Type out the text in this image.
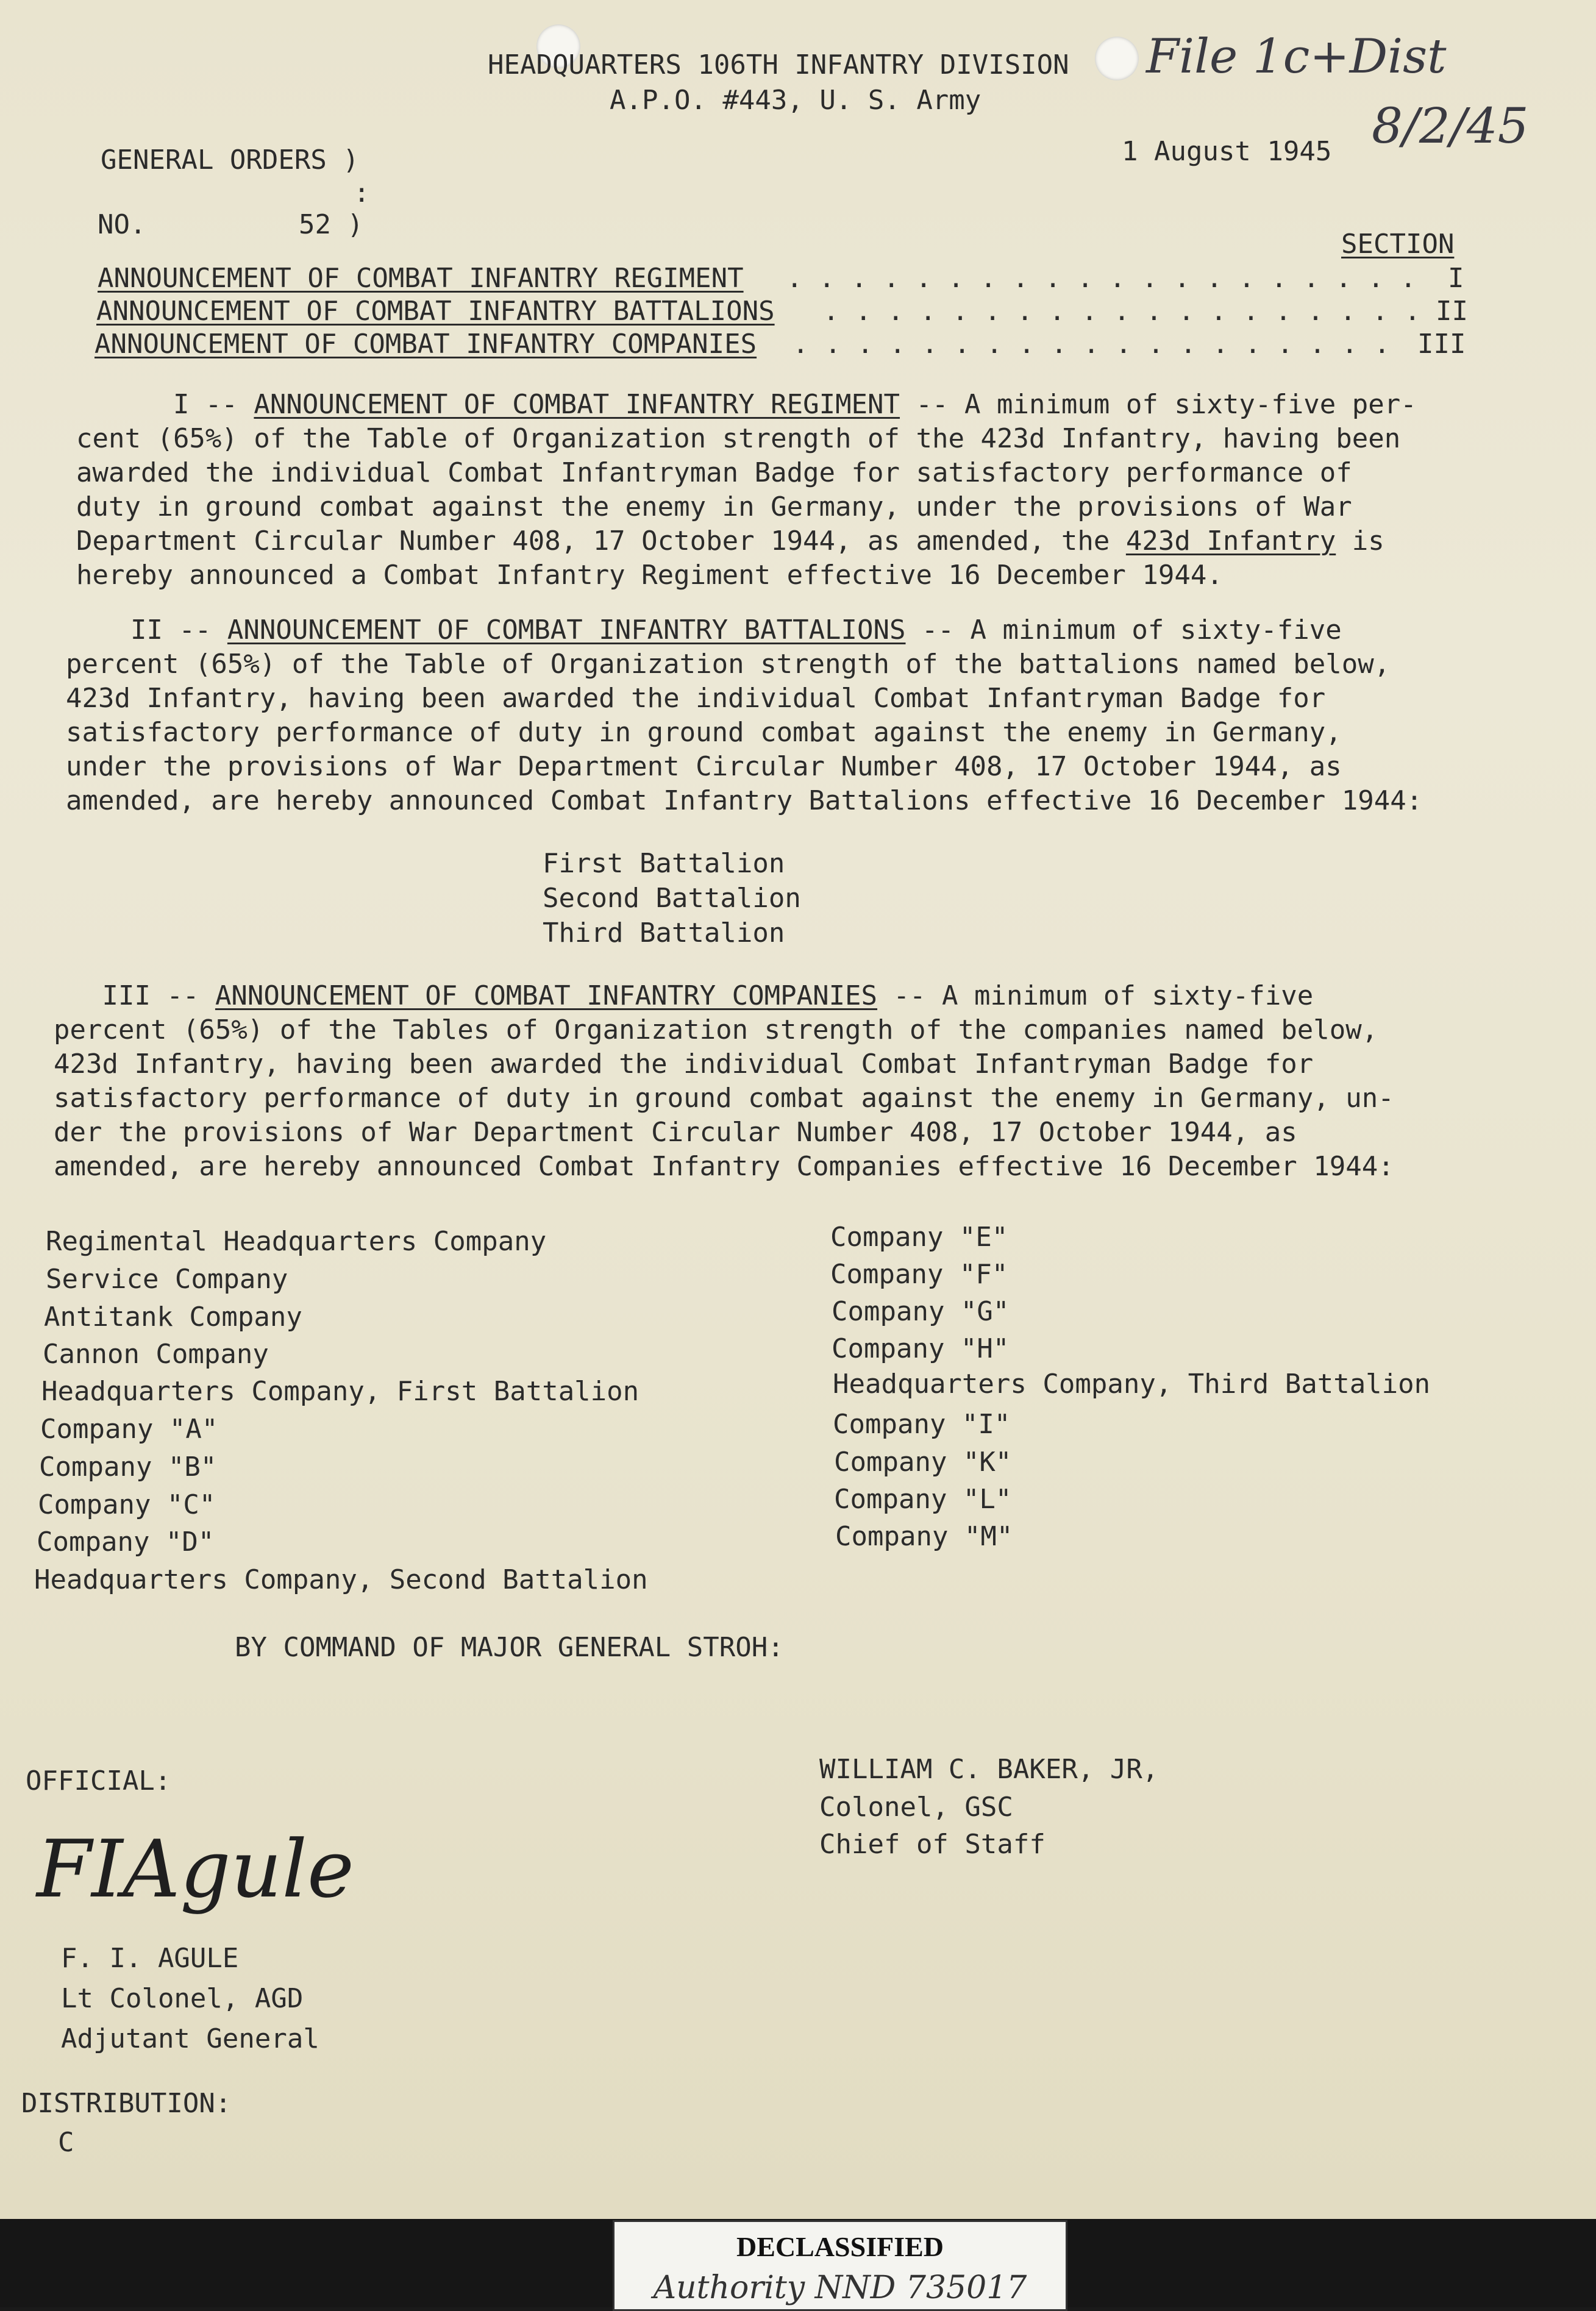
HEADQUARTERS 106TH INFANTRY DIVISION
A.P.O. #443, U. S. Army
File 1c+Dist
8/2/45
GENERAL ORDERS )
:
NO.	52 )
1 August 1945
SECTION
ANNOUNCEMENT OF COMBAT INFANTRY REGIMENT . . . . . . . . . . . . . . . . . . . . I
ANNOUNCEMENT OF COMBAT INFANTRY BATTALIONS . . . . . . . . . . . . . . . . . . . II
ANNOUNCEMENT OF COMBAT INFANTRY COMPANIES . . . . . . . . . . . . . . . . . . . III
I -- ANNOUNCEMENT OF COMBAT INFANTRY REGIMENT -- A minimum of sixty-five per-
cent (65%) of the Table of Organization strength of the 423d Infantry, having been
awarded the individual Combat Infantryman Badge for satisfactory performance of
duty in ground combat against the enemy in Germany, under the provisions of War
Department Circular Number 408, 17 October 1944, as amended, the 423d Infantry is
hereby announced a Combat Infantry Regiment effective 16 December 1944.
II -- ANNOUNCEMENT OF COMBAT INFANTRY BATTALIONS -- A minimum of sixty-five
percent (65%) of the Table of Organization strength of the battalions named below,
423d Infantry, having been awarded the individual Combat Infantryman Badge for
satisfactory performance of duty in ground combat against the enemy in Germany,
under the provisions of War Department Circular Number 408, 17 October 1944, as
amended, are hereby announced Combat Infantry Battalions effective 16 December 1944:
First Battalion
Second Battalion
Third Battalion
III -- ANNOUNCEMENT OF COMBAT INFANTRY COMPANIES -- A minimum of sixty-five
percent (65%) of the Tables of Organization strength of the companies named below,
423d Infantry, having been awarded the individual Combat Infantryman Badge for
satisfactory performance of duty in ground combat against the enemy in Germany, un-
der the provisions of War Department Circular Number 408, 17 October 1944, as
amended, are hereby announced Combat Infantry Companies effective 16 December 1944:
Regimental Headquarters Company
Service Company
Antitank Company
Cannon Company
Headquarters Company, First Battalion
Company "A"
Company "B"
Company "C"
Company "D"
Headquarters Company, Second Battalion
Company "E"
Company "F"
Company "G"
Company "H"
Headquarters Company, Third Battalion
Company "I"
Company "K"
Company "L"
Company "M"
BY COMMAND OF MAJOR GENERAL STROH:
WILLIAM C. BAKER, JR,
Colonel, GSC
Chief of Staff
OFFICIAL:
FIAgule
F. I. AGULE
Lt Colonel, AGD
Adjutant General
DISTRIBUTION:
C
DECLASSIFIED
Authority NND 735017
